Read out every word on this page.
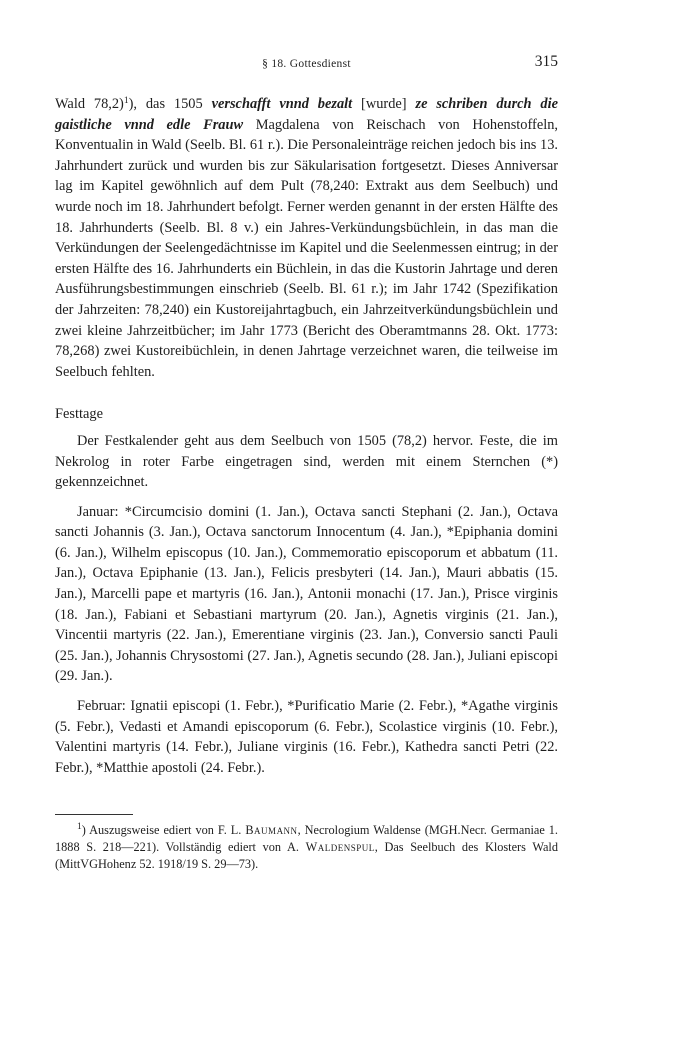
§ 18. Gottesdienst	315

Wald 78,2)$^1$), das 1505 verschafft vnnd bezalt [wurde] ze schriben durch die gaistliche vnnd edle Frauw Magdalena von Reischach von Hohenstoffeln, Konventualin in Wald (Seelb. Bl. 61 r.). Die Personaleinträge reichen jedoch bis ins 13. Jahrhundert zurück und wurden bis zur Säkularisation fortgesetzt. Dieses Anniversar lag im Kapitel gewöhnlich auf dem Pult (78,240: Extrakt aus dem Seelbuch) und wurde noch im 18. Jahrhundert befolgt. Ferner werden genannt in der ersten Hälfte des 18. Jahrhunderts (Seelb. Bl. 8 v.) ein Jahres-Verkündungsbüchlein, in das man die Verkündungen der Seelengedächtnisse im Kapitel und die Seelenmessen eintrug; in der ersten Hälfte des 16. Jahrhunderts ein Büchlein, in das die Kustorin Jahrtage und deren Ausführungsbestimmungen einschrieb (Seelb. Bl. 61 r.); im Jahr 1742 (Spezifikation der Jahrzeiten: 78,240) ein Kustoreijahrtagbuch, ein Jahrzeitverkündungsbüchlein und zwei kleine Jahrzeitbücher; im Jahr 1773 (Bericht des Oberamtmanns 28. Okt. 1773: 78,268) zwei Kustoreibüchlein, in denen Jahrtage verzeichnet waren, die teilweise im Seelbuch fehlten.

Festtage

Der Festkalender geht aus dem Seelbuch von 1505 (78,2) hervor. Feste, die im Nekrolog in roter Farbe eingetragen sind, werden mit einem Sternchen (*) gekennzeichnet.

Januar: *Circumcisio domini (1. Jan.), Octava sancti Stephani (2. Jan.), Octava sancti Johannis (3. Jan.), Octava sanctorum Innocentum (4. Jan.), *Epiphania domini (6. Jan.), Wilhelm episcopus (10. Jan.), Commemoratio episcoporum et abbatum (11. Jan.), Octava Epiphanie (13. Jan.), Felicis presbyteri (14. Jan.), Mauri abbatis (15. Jan.), Marcelli pape et martyris (16. Jan.), Antonii monachi (17. Jan.), Prisce virginis (18. Jan.), Fabiani et Sebastiani martyrum (20. Jan.), Agnetis virginis (21. Jan.), Vincentii martyris (22. Jan.), Emerentiane virginis (23. Jan.), Conversio sancti Pauli (25. Jan.), Johannis Chrysostomi (27. Jan.), Agnetis secundo (28. Jan.), Juliani episcopi (29. Jan.).

Februar: Ignatii episcopi (1. Febr.), *Purificatio Marie (2. Febr.), *Agathe virginis (5. Febr.), Vedasti et Amandi episcoporum (6. Febr.), Scolastice virginis (10. Febr.), Valentini martyris (14. Febr.), Juliane virginis (16. Febr.), Kathedra sancti Petri (22. Febr.), *Matthie apostoli (24. Febr.).

$^1$) Auszugsweise ediert von F. L. Baumann, Necrologium Waldense (MGH.Necr. Germaniae 1. 1888 S. 218—221). Vollständig ediert von A. Waldenspul, Das Seelbuch des Klosters Wald (MittVGHohenz 52. 1918/19 S. 29—73).
